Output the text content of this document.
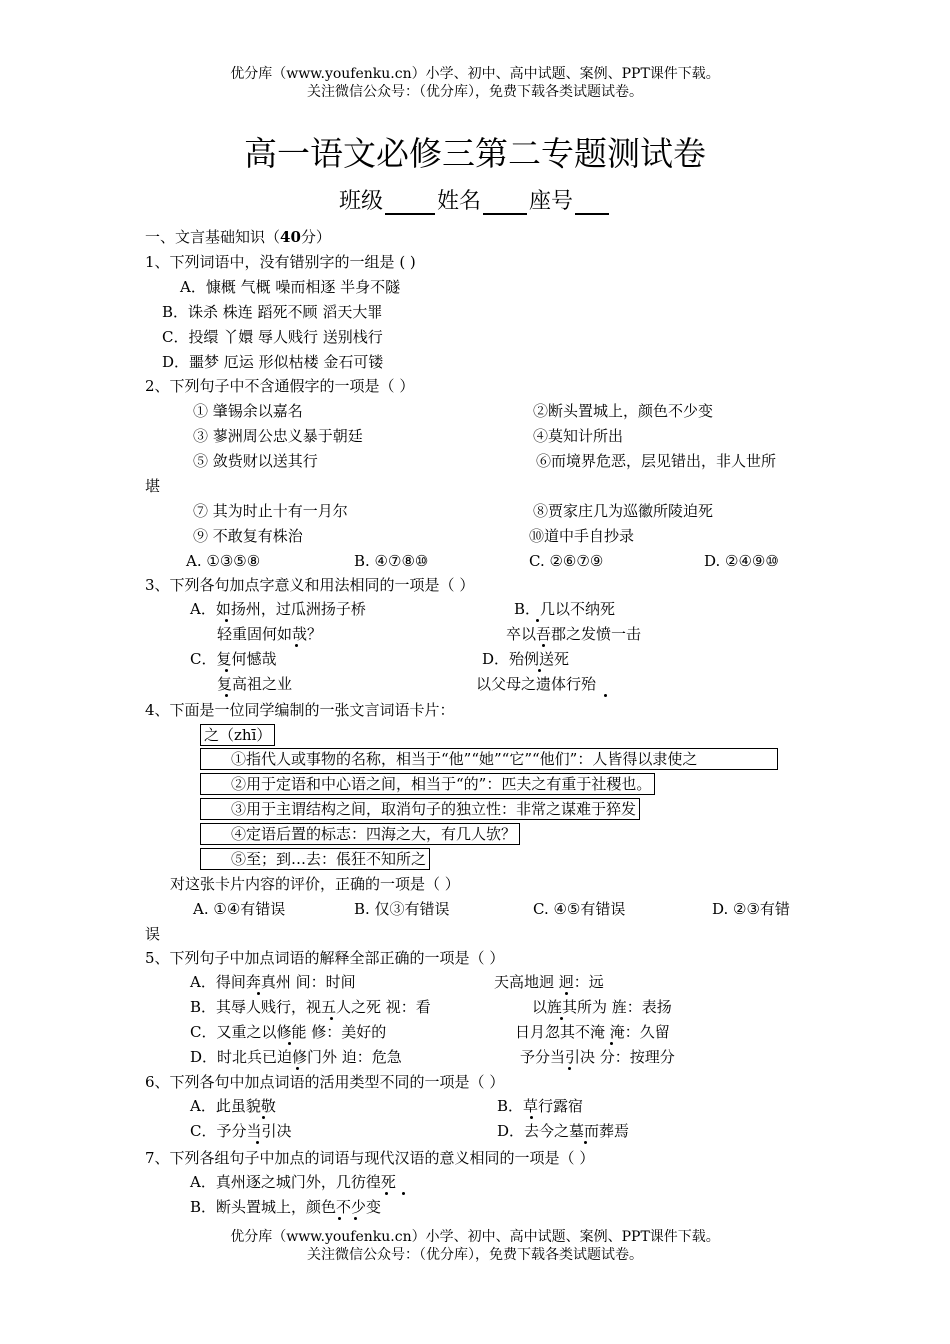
优分库（www.youfenku.cn）小学、初中、高中试题、案例、PPT课件下载。
关注微信公众号：（优分库），免费下载各类试题试卷。
高一语文必修三第二专题测试卷
班级 姓名 座号
一、文言基础知识（40分）
1、下列词语中，没有错别字的一组是 ( )
A．慷概 气概 噪而相逐 半身不隧
B．诛杀 株连 蹈死不顾 滔天大罪
C．投缳 丫嬛 辱人贱行 送别栈行
D．噩梦 厄运 形似枯楼 金石可镂
2、下列句子中不含通假字的一项是（ ）
① 肇锡余以嘉名	②断头置城上，颜色不少变
③ 蓼洲周公忠义暴于朝廷	④莫知计所出
⑤ 敛赀财以送其行	⑥而境界危恶，层见错出，非人世所
堪
⑦ 其为时止十有一月尔	⑧贾家庄几为巡徽所陵迫死
⑨ 不敢复有株治	⑩道中手自抄录
A. ①③⑤⑧	B. ④⑦⑧⑩	C. ②⑥⑦⑨	D. ②④⑨⑩
3、下列各句加点字意义和用法相同的一项是（ ）
A．如扬州，过瓜洲扬子桥
轻重固何如哉？
B．几以不纳死
卒以吾郡之发愤一击
C．复何憾哉
复高祖之业
D．殆例送死
以父母之遗体行殆
4、下面是一位同学编制的一张文言词语卡片：
之（zhī）
①指代人或事物的名称，相当于“他”“她”“它”“他们”：人皆得以隶使之
②用于定语和中心语之间，相当于“的”：匹夫之有重于社稷也。
③用于主谓结构之间，取消句子的独立性：非常之谋难于猝发
④定语后置的标志：四海之大，有几人欤？
⑤至；到…去：倀狂不知所之
对这张卡片内容的评价，正确的一项是（ ）
A. ①④有错误	B. 仅③有错误	C. ④⑤有错误	D. ②③有错
误
5、下列句子中加点词语的解释全部正确的一项是（ ）
A．得间奔真州 间：时间	天高地迥 迥：远
B．其辱人贱行，视五人之死 视：看	以旌其所为 旌：表扬
C．又重之以修能 修：美好的	日月忽其不淹 淹：久留
D．时北兵已迫修门外 迫：危急	予分当引决 分：按理分
6、下列各句中加点词语的活用类型不同的一项是（ ）
A．此虽貌敬	B．草行露宿
C．予分当引决	D．去今之墓而葬焉
7、下列各组句子中加点的词语与现代汉语的意义相同的一项是（ ）
A．真州逐之城门外，几彷徨死
B．断头置城上，颜色不少变
优分库（www.youfenku.cn）小学、初中、高中试题、案例、PPT课件下载。
关注微信公众号：（优分库），免费下载各类试题试卷。
